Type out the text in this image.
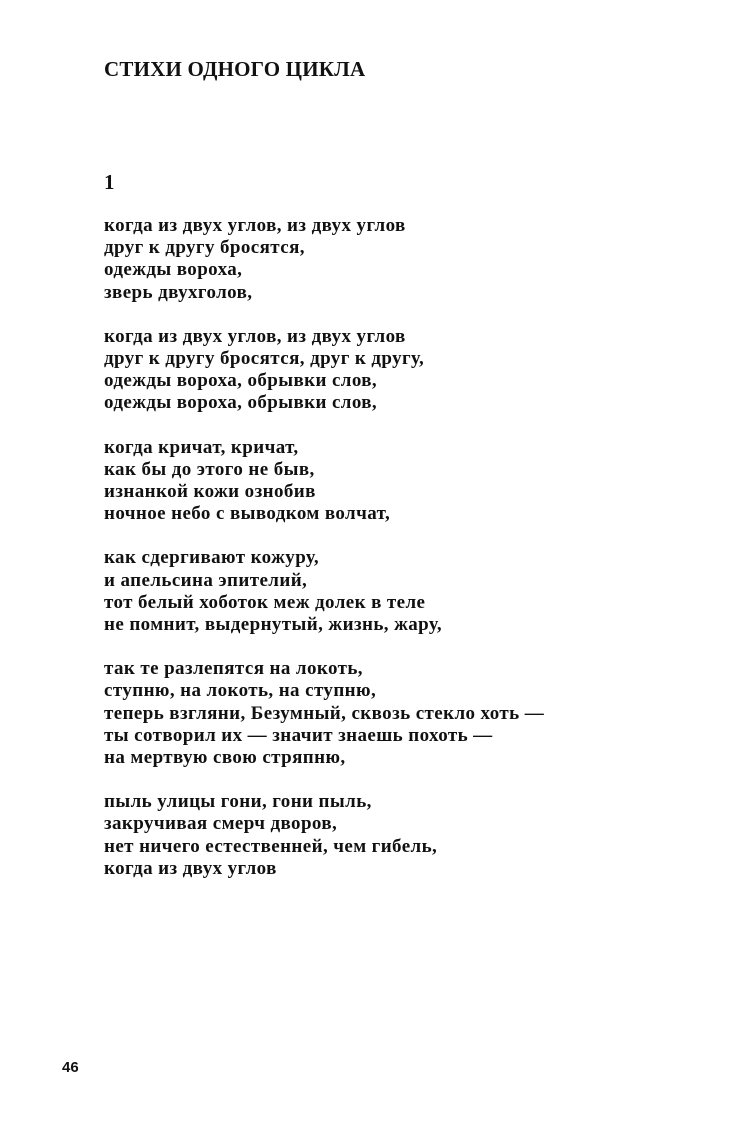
СТИХИ ОДНОГО ЦИКЛА
1
когда из двух углов, из двух углов
друг к другу бросятся,
одежды вороха,
зверь двухголов,
когда из двух углов, из двух углов
друг к другу бросятся, друг к другу,
одежды вороха, обрывки слов,
одежды вороха, обрывки слов,
когда кричат, кричат,
как бы до этого не быв,
изнанкой кожи ознобив
ночное небо с выводком волчат,
как сдергивают кожуру,
и апельсина эпителий,
тот белый хоботок меж долек в теле
не помнит, выдернутый, жизнь, жару,
так те разлепятся на локоть,
ступню, на локоть, на ступню,
теперь взгляни, Безумный, сквозь стекло хоть —
ты сотворил их — значит знаешь похоть —
на мертвую свою стряпню,
пыль улицы гони, гони пыль,
закручивая смерч дворов,
нет ничего естественней, чем гибель,
когда из двух углов
46
